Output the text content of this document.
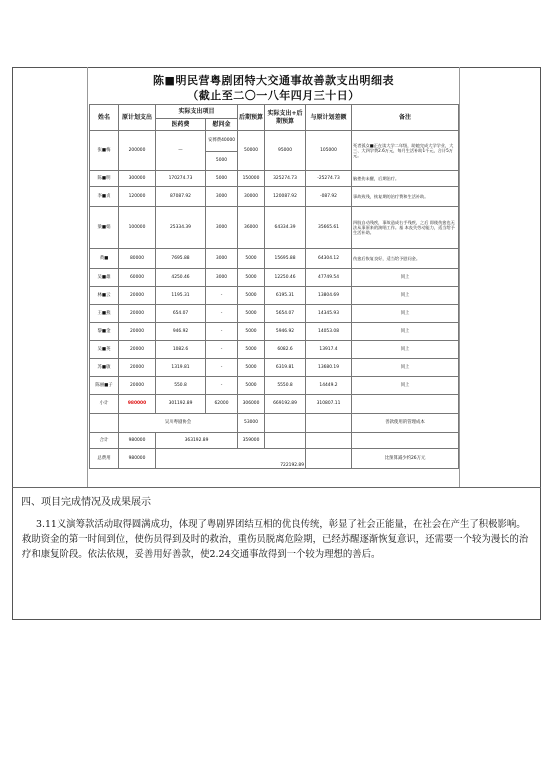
陈■明民营粤剧团特大交通事故善款支出明细表
（截止至二〇一八年四月三十日）
姓名	原计划支出	实际支出项目		后期预算	实际支出+后期预算	与原计划差额	备注
		医药费	慰问金				
张■梅	200000	—	安葬费40000	50000	95000	105000	死者孤女■正在读大学二年级，助她完成大学学业，大三、大四学费2.6万元，每月生活补助1千元，合计5万元。
			5000				
陈■明	300000	170274.73	5000	150000	325274.73	-25274.73	脑挫伤未醒，后期治疗。
李■贞	120000	87087.92	3000	30000	120087.92	-087.92	事故致残，恢复期的治疗费和生活补助。
梁■娟	100000	25334.39	3000	36000	64334.39	35665.61	四肢自动残疾，事故造成右手残疾，之后 即使伤愈也无法从事原来的演唱工作。基 本丧失劳动能力，适当给予生活补助。
黄■	80000	7695.88	3000	5000	15695.88	64304.12	伤愈后恢复良好，适当给予慰问金。
吴■雄	60000	4250.46	3000	5000	12250.46	47749.54	同上
林■云	20000	1195.31	-	5000	6195.31	13804.69	同上
王■燕	20000	654.07	-	5000	5654.07	14345.93	同上
黎■金	20000	946.92	-	5000	5946.92	14053.08	同上
吴■英	20000	1082.6	-	5000	6082.6	13917.4	同上
苏■敏	20000	1319.81	-	5000	6319.81	13680.19	同上
陈丽■子	20000	550.8	-	5000	5550.8	14449.2	同上
小计	980000	301192.89	62000	306000	669192.89	310807.11	
	吴川粤剧协会			53000			善款使用的管理成本
合计	980000	363192.89		359000			
总费用	980000	722192.89					比预算减少约26万元
四、项目完成情况及成果展示
3.11义演筹款活动取得圆满成功，体现了粤剧界团结互相的优良传统，彰显了社会正能量，在社会在产生了积极影响。救助资金的第一时间到位，使伤员得到及时的救治，重伤员脱离危险期，已经苏醒逐渐恢复意识，还需要一个较为漫长的治疗和康复阶段。依法依规，妥善用好善款，使2.24交通事故得到一个较为理想的善后。
